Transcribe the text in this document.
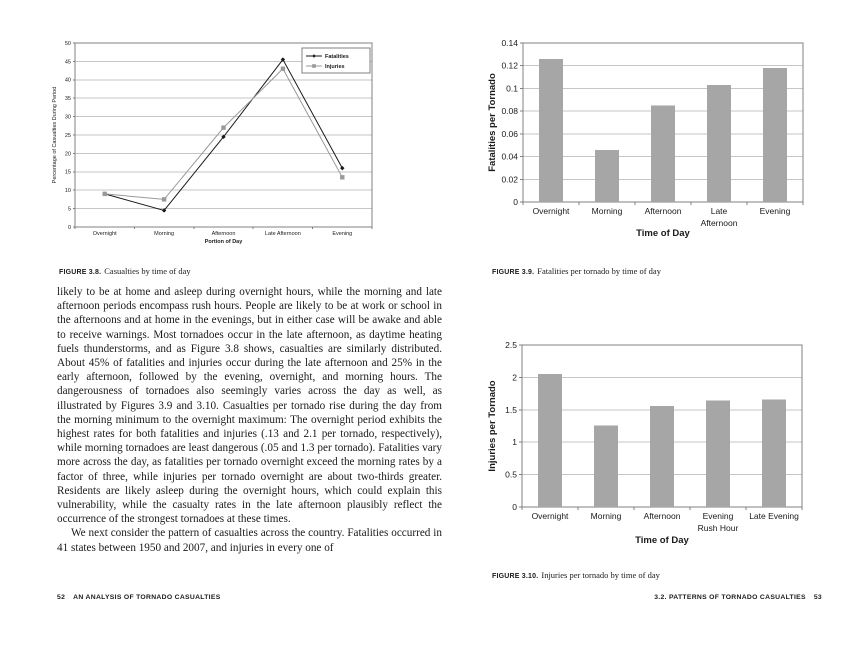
0
5
10
15
20
25
30
35
40
45
50
Overnight	Morning	Afternoon	Late Afternoon	Evening
Portion of Day
Percentage of Casualties During Period
Fatalities
Injuries

FIGURE 3.8. Casualties by time of day

likely to be at home and asleep during overnight hours, while the morning and late afternoon periods encompass rush hours. People are likely to be at work or school in the afternoons and at home in the evenings, but in either case will be awake and able to receive warnings. Most tornadoes occur in the late afternoon, as daytime heating fuels thunderstorms, and as Figure 3.8 shows, casualties are similarly distributed. About 45% of fatalities and injuries occur during the late afternoon and 25% in the early afternoon, followed by the evening, overnight, and morning hours. The dangerousness of tornadoes also seemingly varies across the day as well, as illustrated by Figures 3.9 and 3.10. Casualties per tornado rise during the day from the morning minimum to the overnight maximum: The overnight period exhibits the highest rates for both fatalities and injuries (.13 and 2.1 per tornado, respectively), while morning tornadoes are least dangerous (.05 and 1.3 per tornado). Fatalities vary more across the day, as fatalities per tornado overnight exceed the morning rates by a factor of three, while injuries per tornado overnight are about two-thirds greater. Residents are likely asleep during the overnight hours, which could explain this vulnerability, while the casualty rates in the late afternoon plausibly reflect the occurrence of the strongest tornadoes at these times.

We next consider the pattern of casualties across the country. Fatalities occurred in 41 states between 1950 and 2007, and injuries in every one of

52 AN ANALYSIS OF TORNADO CASUALTIES
0
0.02
0.04
0.06
0.08
0.1
0.12
0.14
Overnight	Morning	Afternoon	Late
Afternoon
Evening
Time of Day
Fatalities per Tornado

FIGURE 3.9. Fatalities per tornado by time of day

0
0.5
1
1.5
2
2.5
Overnight	Morning	Afternoon	Evening
Rush Hour
Late Evening
Time of Day
Injuries per Tornado

FIGURE 3.10. Injuries per tornado by time of day

3.2. PATTERNS OF TORNADO CASUALTIES 53
